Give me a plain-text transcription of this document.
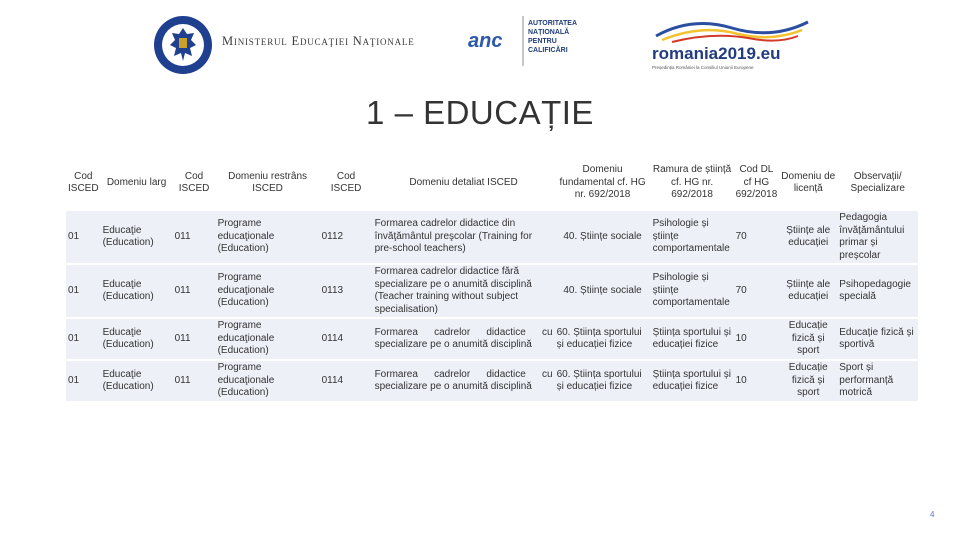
Ministerul Educaţiei Naţionale	anc
AUTORITATEA
NAȚIONALĂ
PENTRU
CALIFICĂRI	romania2019.eu
Președinția României la Consiliul Uniunii Europene
1 – EDUCAȚIE
Cod ISCED	Domeniu larg	Cod ISCED	Domeniu restrâns ISCED	Cod ISCED	Domeniu detaliat ISCED	Domeniu fundamental cf. HG nr. 692/2018	Ramura de știință cf. HG nr. 692/2018	Cod DL cf HG 692/2018	Domeniu de licență	Observații/ Specializare
01	Educaţie (Education)	011	Programe educaţionale (Education)	0112	Formarea cadrelor didactice din învăţământul preşcolar (Training for pre-school teachers)	40. Științe sociale	Psihologie și științe comportamentale	70	Științe ale educației	Pedagogia învățământului primar și preșcolar
01	Educaţie (Education)	011	Programe educaţionale (Education)	0113	Formarea cadrelor didactice fără specializare pe o anumită disciplină (Teacher training without subject specialisation)	40. Științe sociale	Psihologie și științe comportamentale	70	Științe ale educației	Psihopedagogie specială
01	Educaţie (Education)	011	Programe educaţionale (Education)	0114	Formarea cadrelor didactice cu specializare pe o anumită disciplină	60. Știința sportului și educației fizice	Știința sportului și educației fizice	10	Educație fizică și sport	Educație fizică și sportivă
01	Educaţie (Education)	011	Programe educaţionale (Education)	0114	Formarea cadrelor didactice cu specializare pe o anumită disciplină	60. Știința sportului și educației fizice	Știința sportului și educației fizice	10	Educație fizică și sport	Sport și performanță motrică
4
